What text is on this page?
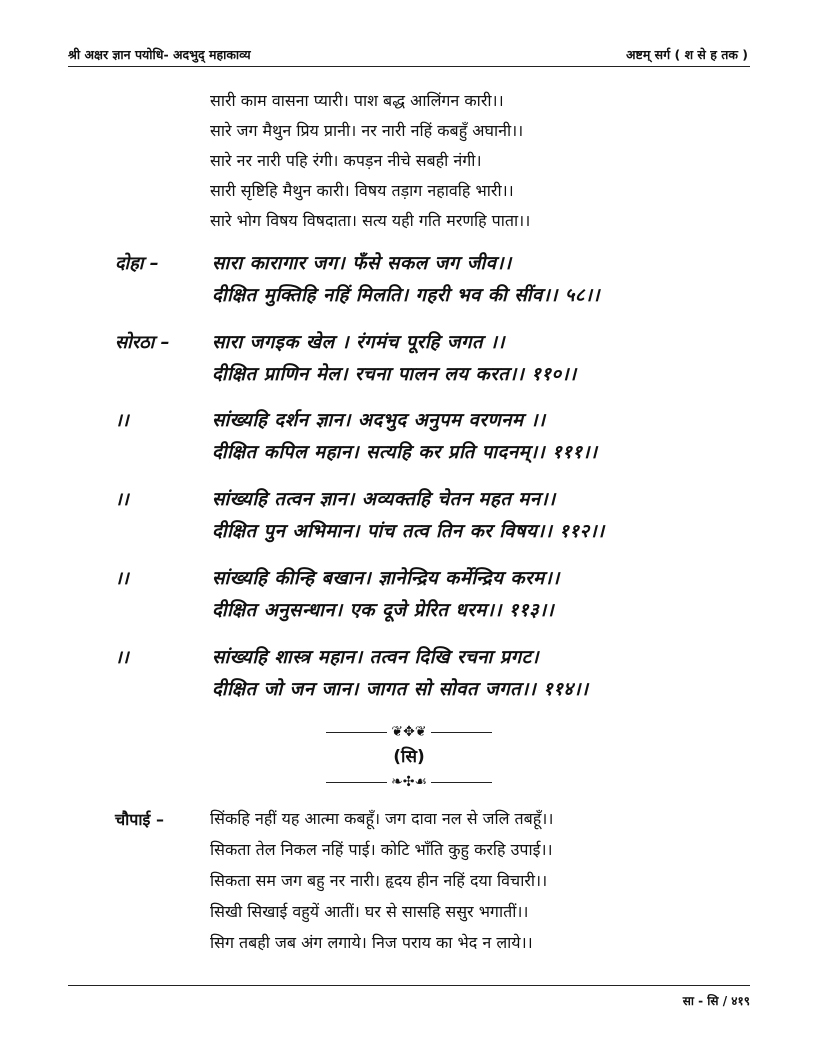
श्री अक्षर ज्ञान पयोधि- अदभुद् महाकाव्य	अष्टम् सर्ग ( श से ह तक )
सारी काम वासना प्यारी। पाश बद्ध आलिंगन कारी।।
सारे जग मैथुन प्रिय प्रानी। नर नारी नहिं कबहुँ अघानी।।
सारे नर नारी पहि रंगी। कपड़न नीचे सबही नंगी।
सारी सृष्टिहि मैथुन कारी। विषय तड़ाग नहावहि भारी।।
सारे भोग विषय विषदाता। सत्य यही गति मरणहि पाता।।
दोहा –	सारा कारागार जग। फँसे सकल जग जीव।।
दीक्षित मुक्तिहि नहिं मिलति। गहरी भव की सींव।। ५८।।
सोरठा – सारा जगइक खेल । रंगमंच पूरहि जगत ।।
दीक्षित प्राणिन मेल। रचना पालन लय करत।। ११०।।
।।	सांख्यहि दर्शन ज्ञान। अदभुद अनुपम वरणनम ।।
दीक्षित कपिल महान। सत्यहि कर प्रति पादनम्।। १११।।
।।	सांख्यहि तत्वन ज्ञान। अव्यक्तहि चेतन महत मन।।
दीक्षित पुन अभिमान। पांच तत्व तिन कर विषय।। ११२।।
।।	सांख्यहि कीन्हि बखान। ज्ञानेन्द्रिय कर्मेन्द्रिय करम।।
दीक्षित अनुसन्धान। एक दूजे प्रेरित धरम।। ११३।।
।।	सांख्यहि शास्त्र महान। तत्वन दिखि रचना प्रगट।
दीक्षित जो जन जान। जागत सो सोवत जगत।। ११४।।
❦✥❦
(सि)
❧✣☙
चौपाई –	सिंकहि नहीं यह आत्मा कबहूँ। जग दावा नल से जलि तबहूँ।।
सिकता तेल निकल नहिं पाई। कोटि भाँति कुहु करहि उपाई।।
सिकता सम जग बहु नर नारी। हृदय हीन नहिं दया विचारी।।
सिखी सिखाई वहुयें आतीं। घर से सासहि ससुर भगातीं।।
सिग तबही जब अंग लगाये। निज पराय का भेद न लाये।।
सा - सि / ४१९
